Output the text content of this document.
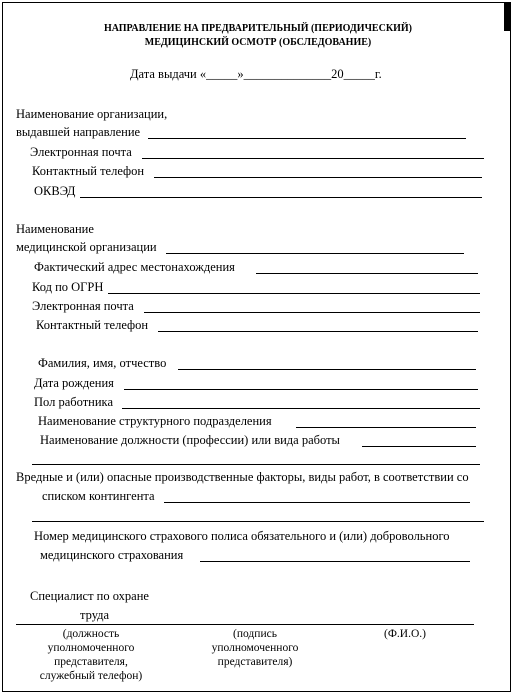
НАПРАВЛЕНИЕ НА ПРЕДВАРИТЕЛЬНЫЙ (ПЕРИОДИЧЕСКИЙ)
МЕДИЦИНСКИЙ ОСМОТР (ОБСЛЕДОВАНИЕ)
Дата выдачи «_____»______________20_____г.
Наименование организации,
выдавшей направление
Электронная почта
Контактный телефон
ОКВЭД
Наименование
медицинской организации
Фактический адрес местонахождения
Код по ОГРН
Электронная почта
Контактный телефон
Фамилия, имя, отчество
Дата рождения
Пол работника
Наименование структурного подразделения
Наименование должности (профессии) или вида работы
Вредные и (или) опасные производственные факторы, виды работ, в соответствии со
списком контингента
Номер медицинского страхового полиса обязательного и (или) добровольного
медицинского страхования
Специалист по охране
труда
(должность
уполномоченного
представителя,
служебный телефон)
(подпись
уполномоченного
представителя)
(Ф.И.О.)
